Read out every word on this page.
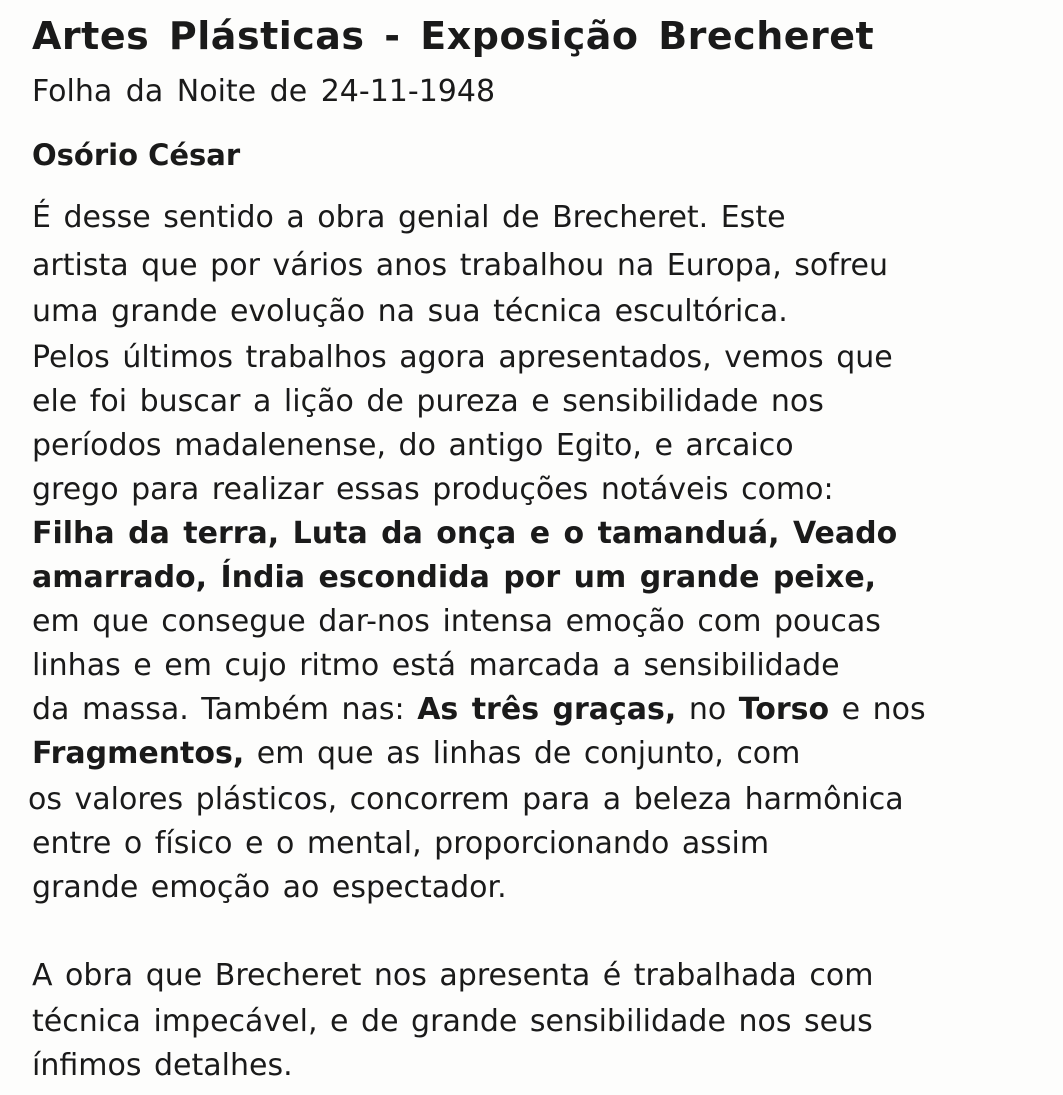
Artes Plásticas - Exposição Brecheret
Folha da Noite de 24-11-1948
Osório César
É desse sentido a obra genial de Brecheret. Este
artista que por vários anos trabalhou na Europa, sofreu
uma grande evolução na sua técnica escultórica.
Pelos últimos trabalhos agora apresentados, vemos que
ele foi buscar a lição de pureza e sensibilidade nos
períodos madalenense, do antigo Egito, e arcaico
grego para realizar essas produções notáveis como:
Filha da terra, Luta da onça e o tamanduá, Veado
amarrado, Índia escondida por um grande peixe,
em que consegue dar-nos intensa emoção com poucas
linhas e em cujo ritmo está marcada a sensibilidade
da massa. Também nas: As três graças, no Torso e nos
Fragmentos, em que as linhas de conjunto, com
os valores plásticos, concorrem para a beleza harmônica
entre o físico e o mental, proporcionando assim
grande emoção ao espectador.
A obra que Brecheret nos apresenta é trabalhada com
técnica impecável, e de grande sensibilidade nos seus
ínfimos detalhes.
